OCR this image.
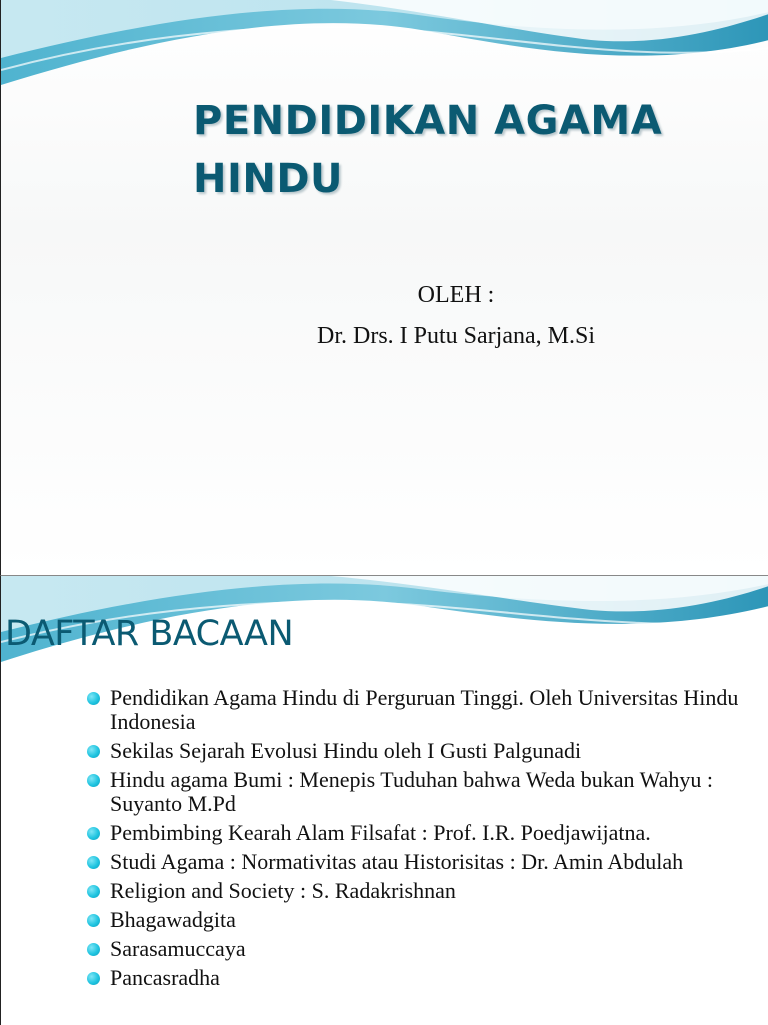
PENDIDIKAN AGAMA HINDU
OLEH :
Dr. Drs. I Putu Sarjana, M.Si
DAFTAR BACAAN
Pendidikan Agama Hindu di Perguruan Tinggi. Oleh Universitas Hindu Indonesia
Sekilas Sejarah Evolusi Hindu oleh I Gusti Palgunadi
Hindu agama Bumi : Menepis Tuduhan bahwa Weda bukan Wahyu : Suyanto M.Pd
Pembimbing Kearah Alam Filsafat : Prof. I.R. Poedjawijatna.
Studi Agama : Normativitas atau Historisitas : Dr. Amin Abdulah
Religion and Society : S. Radakrishnan
Bhagawadgita
Sarasamuccaya
Pancasradha
